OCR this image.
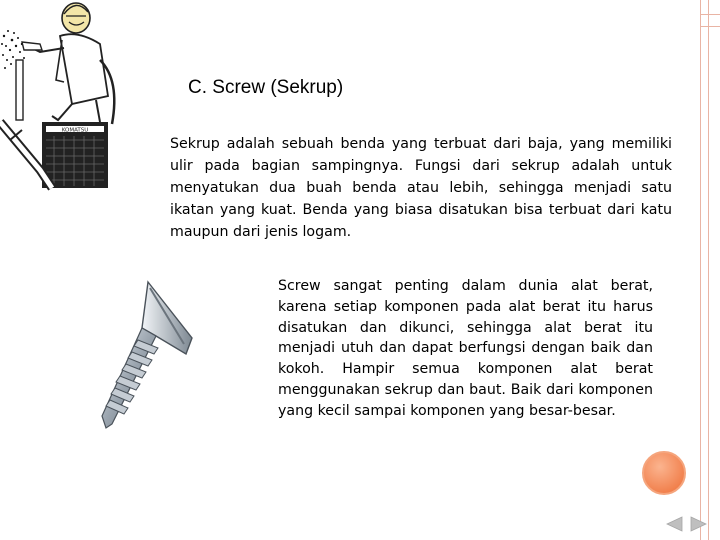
KOMATSU
C. Screw (Sekrup)

Sekrup adalah sebuah benda yang terbuat dari baja, yang memiliki ulir pada bagian sampingnya. Fungsi dari sekrup adalah untuk menyatukan dua buah benda atau lebih, sehingga menjadi satu ikatan yang kuat. Benda yang biasa disatukan bisa terbuat dari katu maupun dari jenis logam.

Screw sangat penting dalam dunia alat berat, karena setiap komponen pada alat berat itu harus disatukan dan dikunci, sehingga alat berat itu menjadi utuh dan dapat berfungsi dengan baik dan kokoh. Hampir semua komponen alat berat menggunakan sekrup dan baut. Baik dari komponen yang kecil sampai komponen yang besar-besar.
